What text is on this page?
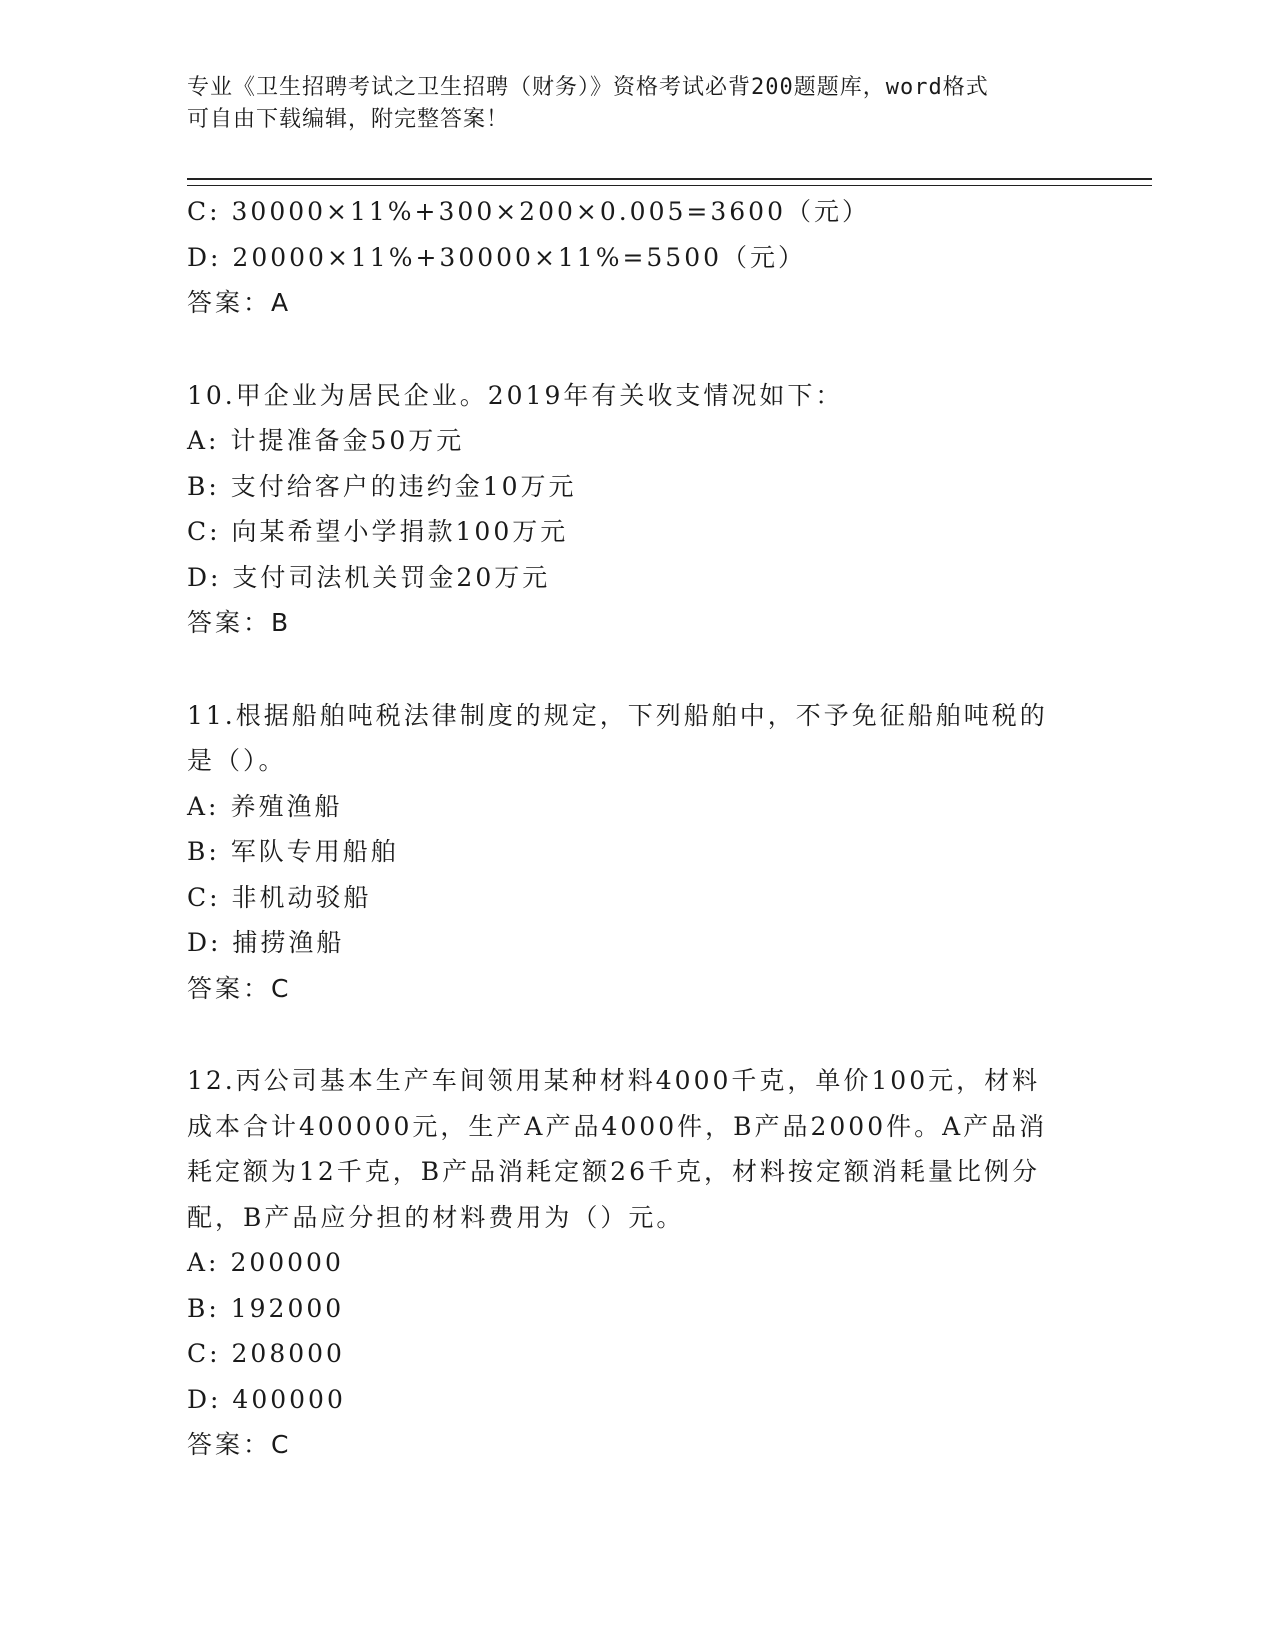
专业《卫生招聘考试之卫生招聘（财务）》资格考试必背200题题库，word格式
可自由下载编辑，附完整答案！
C: 30000×11%+300×200×0.005=3600（元）
D: 20000×11%+30000×11%=5500（元）
答案：A
10.甲企业为居民企业。2019年有关收支情况如下：
A: 计提准备金50万元
B: 支付给客户的违约金10万元
C: 向某希望小学捐款100万元
D: 支付司法机关罚金20万元
答案：B
11.根据船舶吨税法律制度的规定，下列船舶中，不予免征船舶吨税的
是（）。
A: 养殖渔船
B: 军队专用船舶
C: 非机动驳船
D: 捕捞渔船
答案：C
12.丙公司基本生产车间领用某种材料4000千克，单价100元，材料
成本合计400000元，生产A产品4000件，B产品2000件。A产品消
耗定额为12千克，B产品消耗定额26千克，材料按定额消耗量比例分
配，B产品应分担的材料费用为（）元。
A: 200000
B: 192000
C: 208000
D: 400000
答案：C
